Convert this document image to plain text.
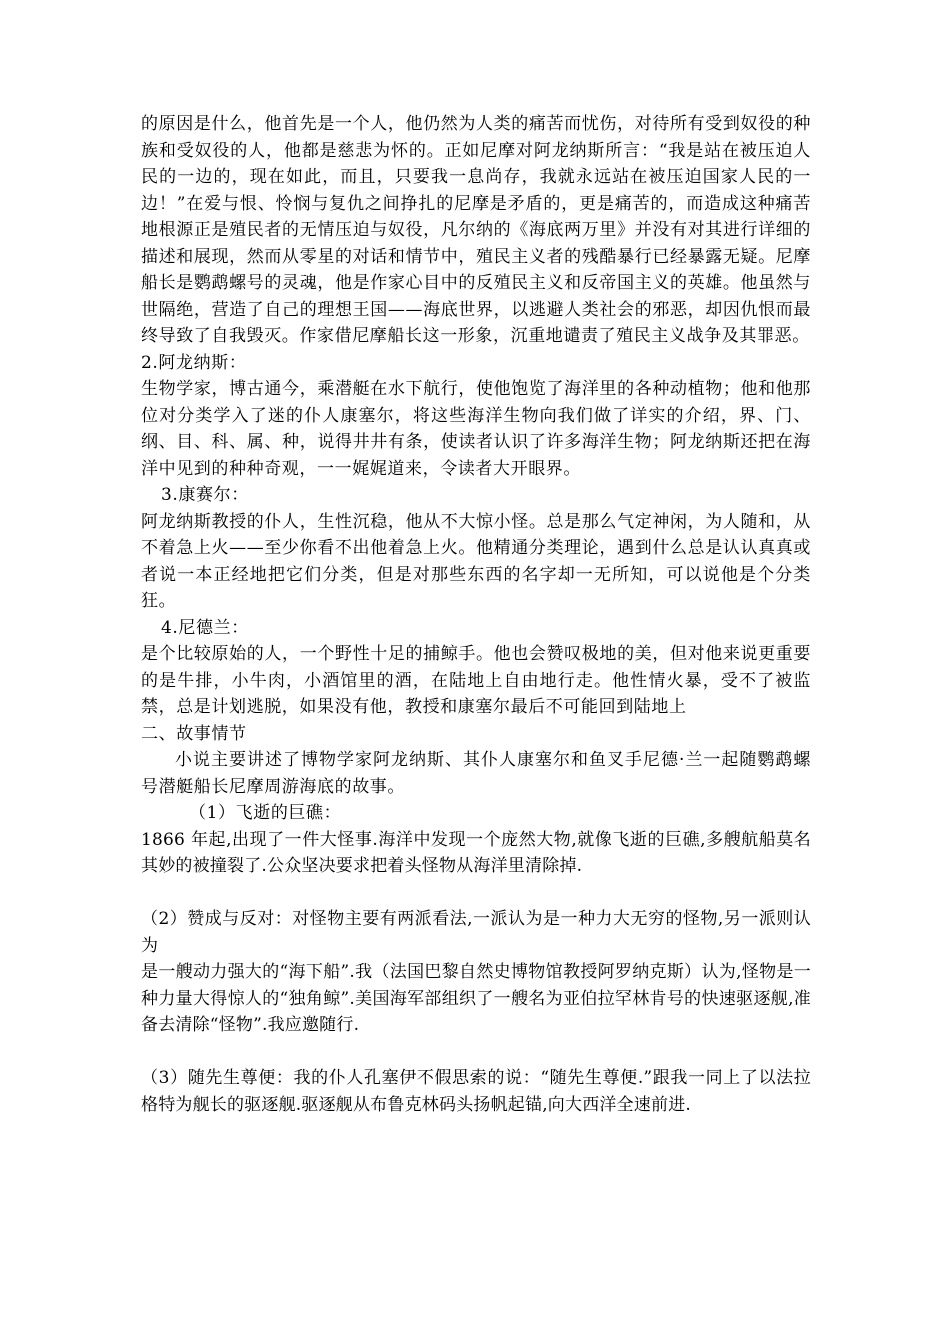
的原因是什么，他首先是一个人，他仍然为人类的痛苦而忧伤，对待所有受到奴役的种族和受奴役的人，他都是慈悲为怀的。正如尼摩对阿龙纳斯所言：“我是站在被压迫人民的一边的，现在如此，而且，只要我一息尚存，我就永远站在被压迫国家人民的一边！”在爱与恨、怜悯与复仇之间挣扎的尼摩是矛盾的，更是痛苦的，而造成这种痛苦地根源正是殖民者的无情压迫与奴役，凡尔纳的《海底两万里》并没有对其进行详细的描述和展现，然而从零星的对话和情节中，殖民主义者的残酷暴行已经暴露无疑。尼摩船长是鹦鹉螺号的灵魂，他是作家心目中的反殖民主义和反帝国主义的英雄。他虽然与世隔绝，营造了自己的理想王国——海底世界，以逃避人类社会的邪恶，却因仇恨而最终导致了自我毁灭。作家借尼摩船长这一形象，沉重地谴责了殖民主义战争及其罪恶。

2.阿龙纳斯：

生物学家，博古通今，乘潜艇在水下航行，使他饱览了海洋里的各种动植物；他和他那位对分类学入了迷的仆人康塞尔，将这些海洋生物向我们做了详实的介绍，界、门、纲、目、科、属、种，说得井井有条，使读者认识了许多海洋生物；阿龙纳斯还把在海洋中见到的种种奇观，一一娓娓道来，令读者大开眼界。

3.康赛尔：

阿龙纳斯教授的仆人，生性沉稳，他从不大惊小怪。总是那么气定神闲，为人随和，从不着急上火——至少你看不出他着急上火。他精通分类理论，遇到什么总是认认真真或者说一本正经地把它们分类，但是对那些东西的名字却一无所知，可以说他是个分类狂。

4.尼德兰：

是个比较原始的人，一个野性十足的捕鲸手。他也会赞叹极地的美，但对他来说更重要的是牛排，小牛肉，小酒馆里的酒，在陆地上自由地行走。他性情火暴，受不了被监禁，总是计划逃脱，如果没有他，教授和康塞尔最后不可能回到陆地上

二、故事情节

小说主要讲述了博物学家阿龙纳斯、其仆人康塞尔和鱼叉手尼德·兰一起随鹦鹉螺号潜艇船长尼摩周游海底的故事。

（1）飞逝的巨礁：

1866 年起,出现了一件大怪事.海洋中发现一个庞然大物,就像飞逝的巨礁,多艘航船莫名其妙的被撞裂了.公众坚决要求把着头怪物从海洋里清除掉.

（2）赞成与反对：对怪物主要有两派看法,一派认为是一种力大无穷的怪物,另一派则认为

是一艘动力强大的“海下船”.我（法国巴黎自然史博物馆教授阿罗纳克斯）认为,怪物是一种力量大得惊人的“独角鲸”.美国海军部组织了一艘名为亚伯拉罕林肯号的快速驱逐舰,准备去清除“怪物”.我应邀随行.

（3）随先生尊便：我的仆人孔塞伊不假思索的说：“随先生尊便.”跟我一同上了以法拉格特为舰长的驱逐舰.驱逐舰从布鲁克林码头扬帆起锚,向大西洋全速前进.
